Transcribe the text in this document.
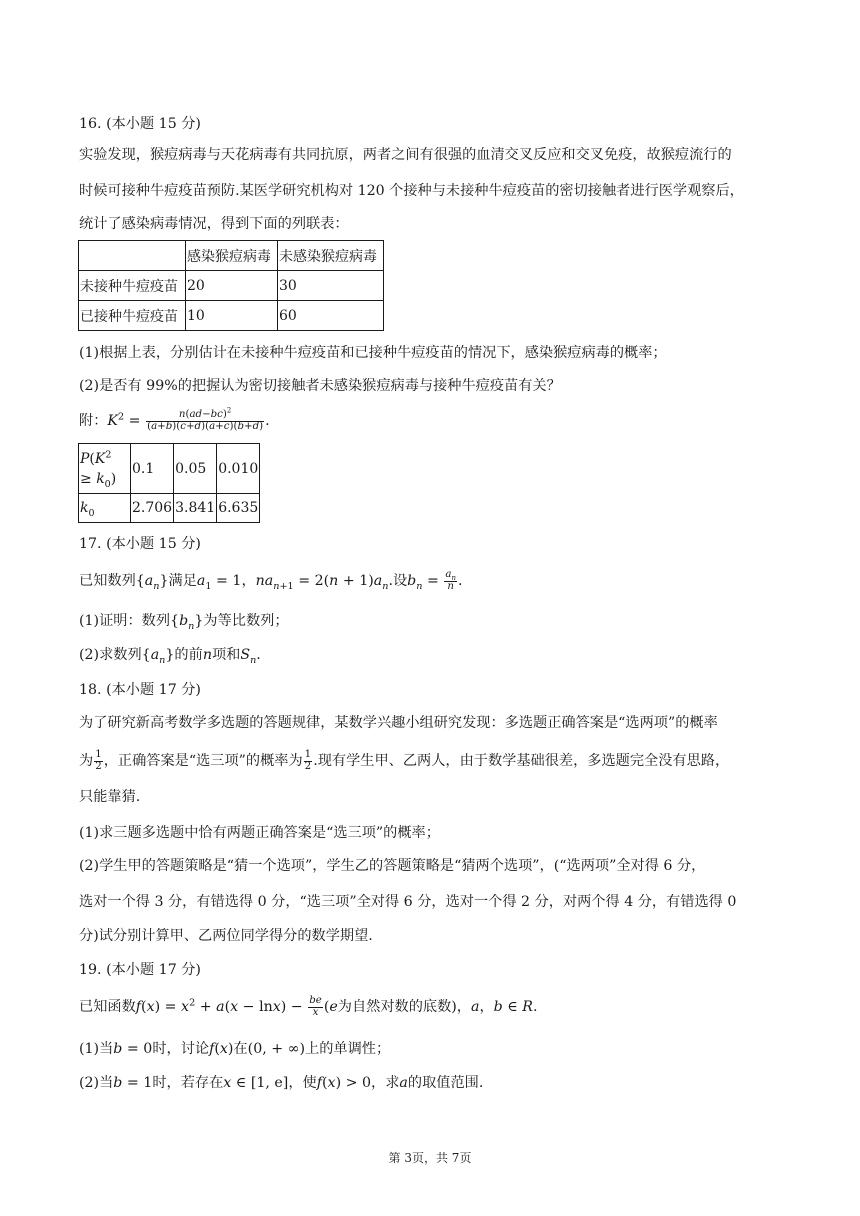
16. (本小题 15 分)
实验发现，猴痘病毒与天花病毒有共同抗原，两者之间有很强的血清交叉反应和交叉免疫，故猴痘流行的
时候可接种牛痘疫苗预防.某医学研究机构对 120 个接种与未接种牛痘疫苗的密切接触者进行医学观察后，
统计了感染病毒情况，得到下面的列联表：
	感染猴痘病毒	未感染猴痘病毒
未接种牛痘疫苗	20	30
已接种牛痘疫苗	10	60
(1)根据上表，分别估计在未接种牛痘疫苗和已接种牛痘疫苗的情况下，感染猴痘病毒的概率；
(2)是否有 99%的把握认为密切接触者未感染猴痘病毒与接种牛痘疫苗有关？
附：$K^2 = \frac{n(ad-bc)^2}{(a+b)(c+d)(a+c)(b+d)}$ .
$P(K^2$
≥ $k_0$)	0.1	0.05	0.010
$k_0$	2.706	3.841	6.635
17. (本小题 15 分)
已知数列$\{a_n\}$满足$a_1 = 1$，$na_{n+1} = 2(n + 1)a_n$.设$b_n = \frac{a_n}{n}$ .
(1)证明：数列$\{b_n\}$为等比数列；
(2)求数列$\{a_n\}$的前n项和$S_n$.
18. (本小题 17 分)
为了研究新高考数学多选题的答题规律，某数学兴趣小组研究发现：多选题正确答案是“选两项”的概率
为 $\frac{1}{2}$ ，正确答案是“选三项”的概率为 $\frac{1}{2}$ .现有学生甲、乙两人，由于数学基础很差，多选题完全没有思路，
只能靠猜.
(1)求三题多选题中恰有两题正确答案是“选三项”的概率；
(2)学生甲的答题策略是“猜一个选项”，学生乙的答题策略是“猜两个选项”，(“选两项”全对得 6 分，
选对一个得 3 分，有错选得 0 分，“选三项”全对得 6 分，选对一个得 2 分，对两个得 4 分，有错选得 0
分)试分别计算甲、乙两位同学得分的数学期望.
19. (本小题 17 分)
已知函数$f(x) = x^2 + a(x - \ln x) - \frac{be}{x} (e$为自然对数的底数)，a，b ∈ R.
(1)当b = 0时，讨论f(x)在(0, + ∞)上的单调性；
(2)当b = 1时，若存在x ∈ [1, e]，使f(x) > 0，求a的取值范围.
第 3页，共 7页
